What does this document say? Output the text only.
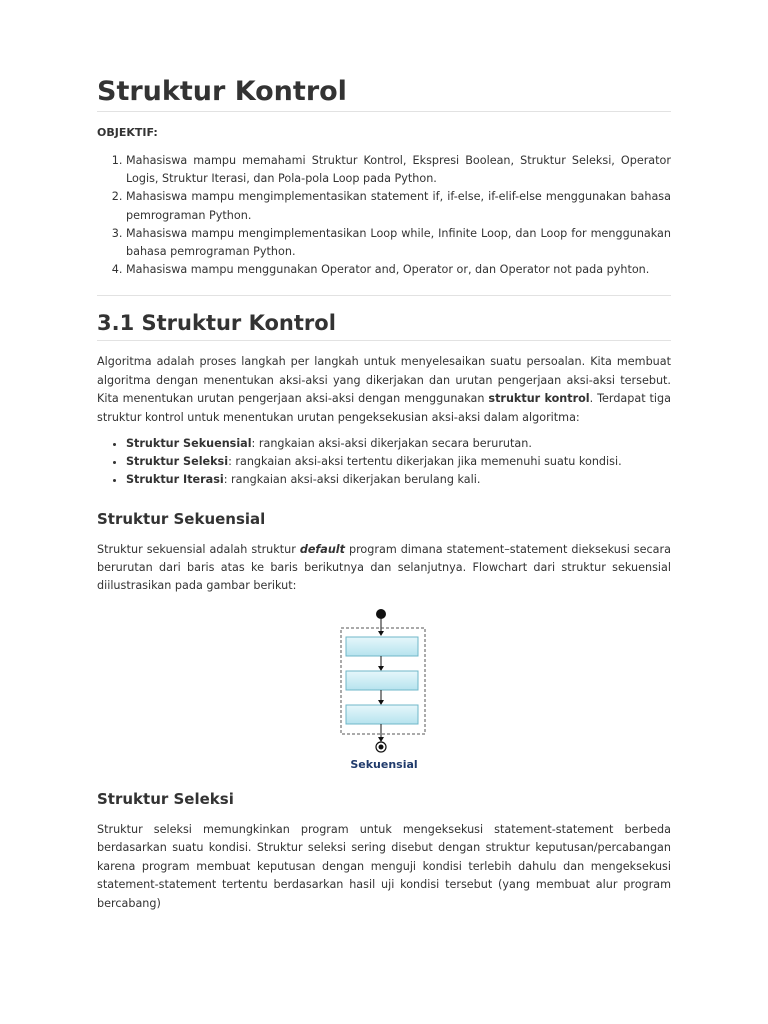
Struktur Kontrol
OBJEKTIF:
1. Mahasiswa mampu memahami Struktur Kontrol, Ekspresi Boolean, Struktur Seleksi, Operator Logis, Struktur Iterasi, dan Pola-pola Loop pada Python.
2. Mahasiswa mampu mengimplementasikan statement if, if-else, if-elif-else menggunakan bahasa pemrograman Python.
3. Mahasiswa mampu mengimplementasikan Loop while, Infinite Loop, dan Loop for menggunakan bahasa pemrograman Python.
4. Mahasiswa mampu menggunakan Operator and, Operator or, dan Operator not pada pyhton.
3.1 Struktur Kontrol

Algoritma adalah proses langkah per langkah untuk menyelesaikan suatu persoalan. Kita membuat algoritma dengan menentukan aksi-aksi yang dikerjakan dan urutan pengerjaan aksi-aksi tersebut. Kita menentukan urutan pengerjaan aksi-aksi dengan menggunakan struktur kontrol. Terdapat tiga struktur kontrol untuk menentukan urutan pengeksekusian aksi-aksi dalam algoritma:

• Struktur Sekuensial: rangkaian aksi-aksi dikerjakan secara berurutan.
• Struktur Seleksi: rangkaian aksi-aksi tertentu dikerjakan jika memenuhi suatu kondisi.
• Struktur Iterasi: rangkaian aksi-aksi dikerjakan berulang kali.
Struktur Sekuensial

Struktur sekuensial adalah struktur default program dimana statement–statement dieksekusi secara berurutan dari baris atas ke baris berikutnya dan selanjutnya. Flowchart dari struktur sekuensial diilustrasikan pada gambar berikut:

Sekuensial
Struktur Seleksi

Struktur seleksi memungkinkan program untuk mengeksekusi statement-statement berbeda berdasarkan suatu kondisi. Struktur seleksi sering disebut dengan struktur keputusan/percabangan karena program membuat keputusan dengan menguji kondisi terlebih dahulu dan mengeksekusi statement-statement tertentu berdasarkan hasil uji kondisi tersebut (yang membuat alur program bercabang)
